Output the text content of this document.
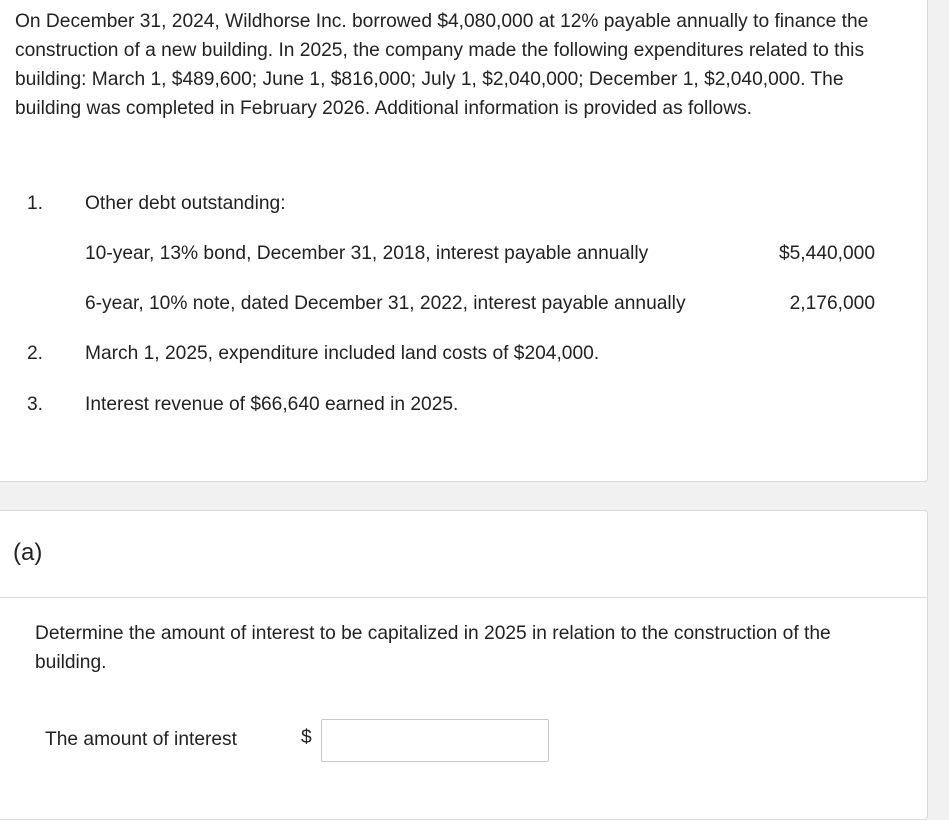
On December 31, 2024, Wildhorse Inc. borrowed $4,080,000 at 12% payable annually to finance the construction of a new building. In 2025, the company made the following expenditures related to this building: March 1, $489,600; June 1, $816,000; July 1, $2,040,000; December 1, $2,040,000. The building was completed in February 2026. Additional information is provided as follows.

1.	Other debt outstanding:
10-year, 13% bond, December 31, 2018, interest payable annually	$5,440,000
6-year, 10% note, dated December 31, 2022, interest payable annually	2,176,000
2.	March 1, 2025, expenditure included land costs of $204,000.
3.	Interest revenue of $66,640 earned in 2025.
(a)

Determine the amount of interest to be capitalized in 2025 in relation to the construction of the building.

The amount of interest	$
